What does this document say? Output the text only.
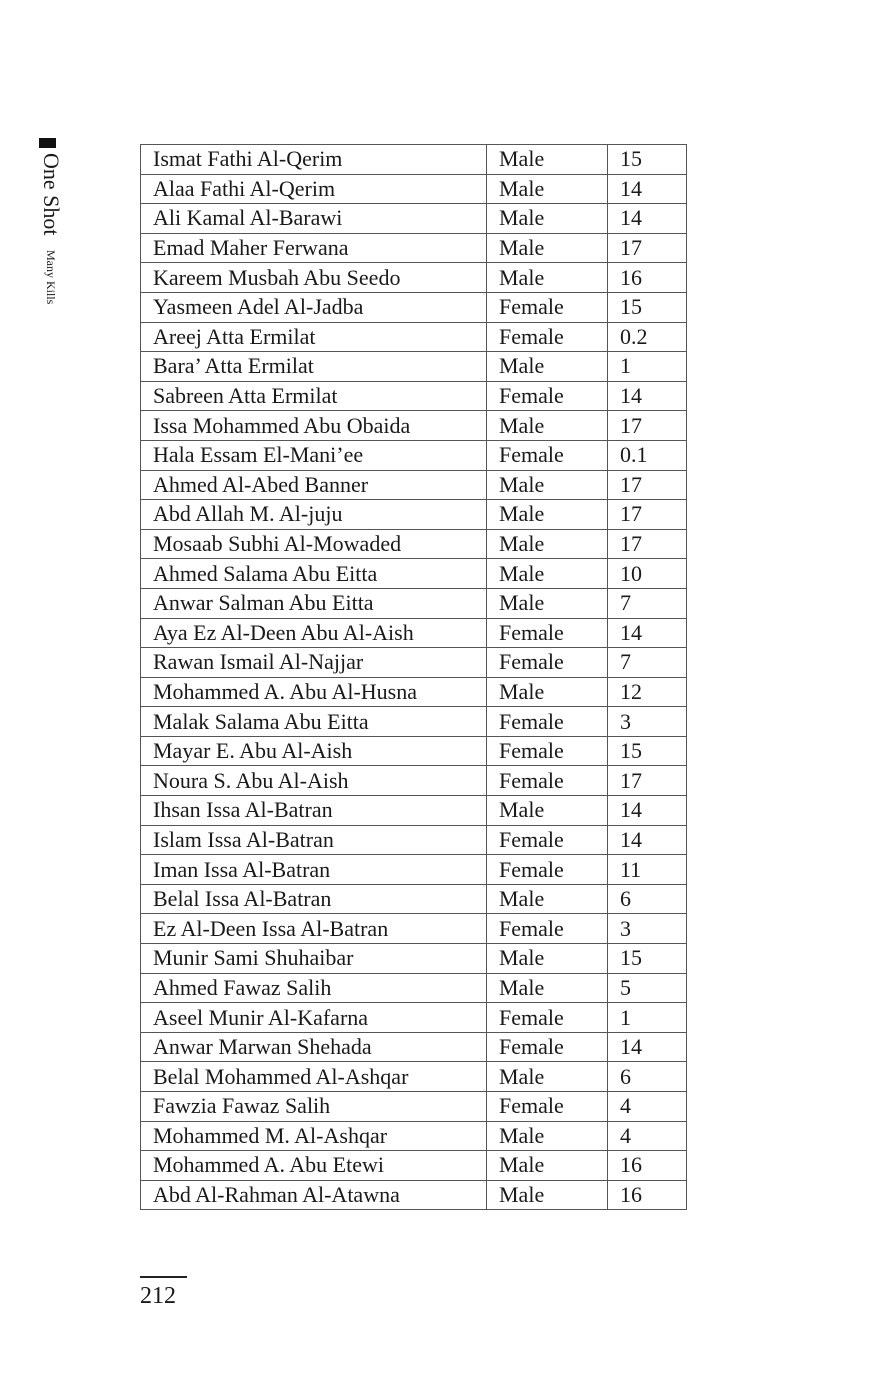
One Shot Many Kills
Ismat Fathi Al-Qerim	Male	15
Alaa Fathi Al-Qerim	Male	14
Ali Kamal Al-Barawi	Male	14
Emad Maher Ferwana	Male	17
Kareem Musbah Abu Seedo	Male	16
Yasmeen Adel Al-Jadba	Female	15
Areej Atta Ermilat	Female	0.2
Bara’ Atta Ermilat	Male	1
Sabreen Atta Ermilat	Female	14
Issa Mohammed Abu Obaida	Male	17
Hala Essam El-Mani’ee	Female	0.1
Ahmed Al-Abed Banner	Male	17
Abd Allah M. Al-juju	Male	17
Mosaab Subhi Al-Mowaded	Male	17
Ahmed Salama Abu Eitta	Male	10
Anwar Salman Abu Eitta	Male	7
Aya Ez Al-Deen Abu Al-Aish	Female	14
Rawan Ismail Al-Najjar	Female	7
Mohammed A. Abu Al-Husna	Male	12
Malak Salama Abu Eitta	Female	3
Mayar E. Abu Al-Aish	Female	15
Noura S. Abu Al-Aish	Female	17
Ihsan Issa Al-Batran	Male	14
Islam Issa Al-Batran	Female	14
Iman Issa Al-Batran	Female	11
Belal Issa Al-Batran	Male	6
Ez Al-Deen Issa Al-Batran	Female	3
Munir Sami Shuhaibar	Male	15
Ahmed Fawaz Salih	Male	5
Aseel Munir Al-Kafarna	Female	1
Anwar Marwan Shehada	Female	14
Belal Mohammed Al-Ashqar	Male	6
Fawzia Fawaz Salih	Female	4
Mohammed M. Al-Ashqar	Male	4
Mohammed A. Abu Etewi	Male	16
Abd Al-Rahman Al-Atawna	Male	16
212
